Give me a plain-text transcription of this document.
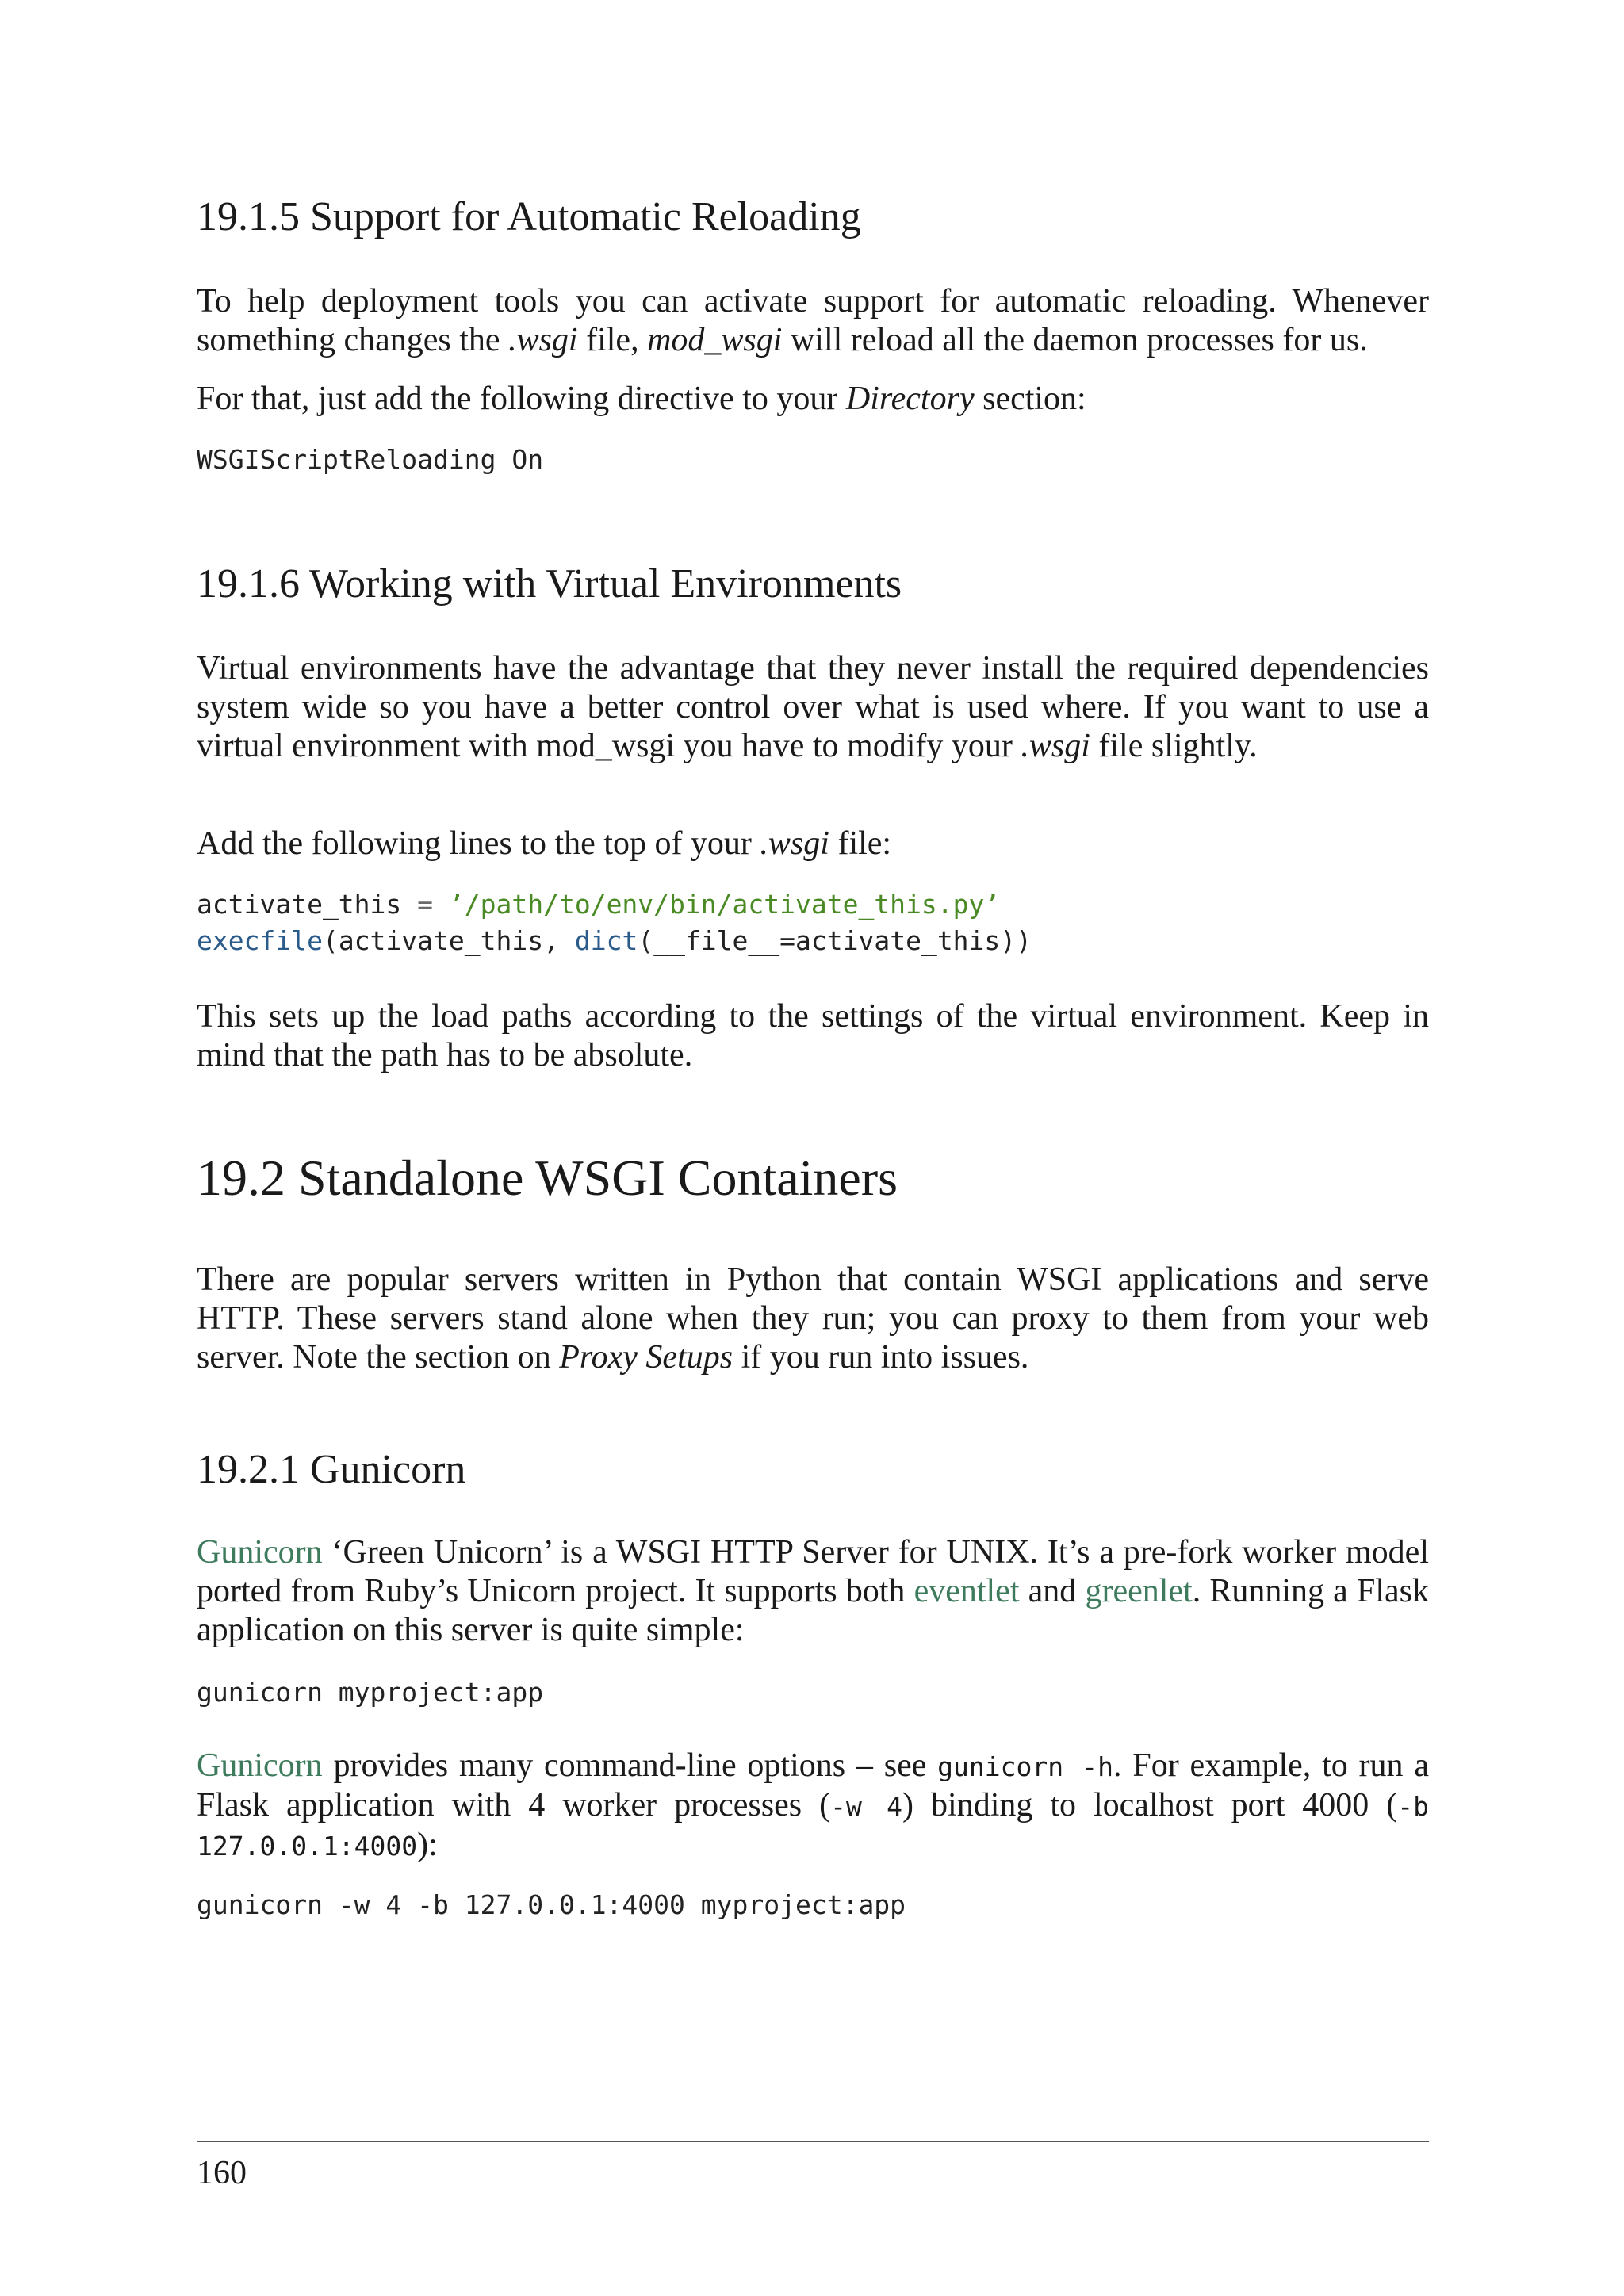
19.1.5 Support for Automatic Reloading

To help deployment tools you can activate support for automatic reloading. Whenever something changes the .wsgi file, mod_wsgi will reload all the daemon processes for us.

For that, just add the following directive to your Directory section:

WSGIScriptReloading On
19.1.6 Working with Virtual Environments

Virtual environments have the advantage that they never install the required dependencies system wide so you have a better control over what is used where. If you want to use a virtual environment with mod_wsgi you have to modify your .wsgi file slightly.

Add the following lines to the top of your .wsgi file:

activate_this = ’/path/to/env/bin/activate_this.py’
execfile(activate_this, dict(__file__=activate_this))

This sets up the load paths according to the settings of the virtual environment. Keep in mind that the path has to be absolute.

19.2 Standalone WSGI Containers

There are popular servers written in Python that contain WSGI applications and serve HTTP. These servers stand alone when they run; you can proxy to them from your web server. Note the section on Proxy Setups if you run into issues.

19.2.1 Gunicorn

Gunicorn ‘Green Unicorn’ is a WSGI HTTP Server for UNIX. It’s a pre-fork worker model ported from Ruby’s Unicorn project. It supports both eventlet and greenlet. Running a Flask application on this server is quite simple:

gunicorn myproject:app

Gunicorn provides many command-line options – see gunicorn -h. For example, to run a Flask application with 4 worker processes (-w 4) binding to localhost port 4000 (-b 127.0.0.1:4000):

gunicorn -w 4 -b 127.0.0.1:4000 myproject:app
160
